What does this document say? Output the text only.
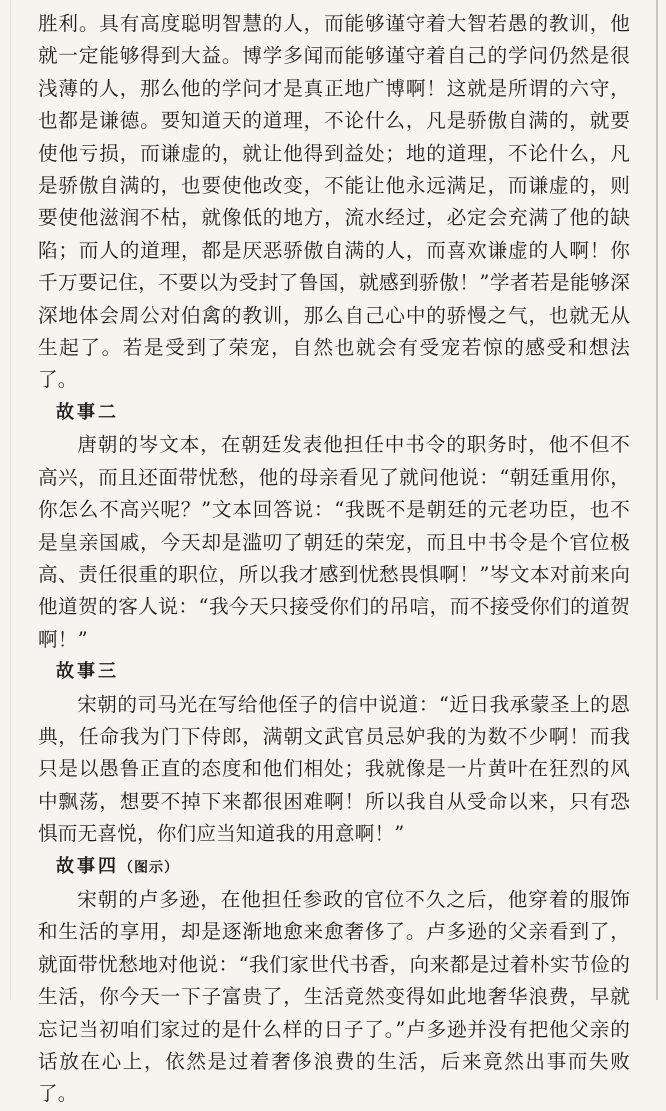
胜利。具有高度聪明智慧的人，而能够谨守着大智若愚的教训，他就一定能够得到大益。博学多闻而能够谨守着自己的学问仍然是很浅薄的人，那么他的学问才是真正地广博啊！这就是所谓的六守，也都是谦德。要知道天的道理，不论什么，凡是骄傲自满的，就要使他亏损，而谦虚的，就让他得到益处；地的道理，不论什么，凡是骄傲自满的，也要使他改变，不能让他永远满足，而谦虚的，则要使他滋润不枯，就像低的地方，流水经过，必定会充满了他的缺陷；而人的道理，都是厌恶骄傲自满的人，而喜欢谦虚的人啊！你千万要记住，不要以为受封了鲁国，就感到骄傲！”学者若是能够深深地体会周公对伯禽的教训，那么自己心中的骄慢之气，也就无从生起了。若是受到了荣宠，自然也就会有受宠若惊的感受和想法了。

故事二

唐朝的岑文本，在朝廷发表他担任中书令的职务时，他不但不高兴，而且还面带忧愁，他的母亲看见了就问他说：“朝廷重用你，你怎么不高兴呢？”文本回答说：“我既不是朝廷的元老功臣，也不是皇亲国戚，今天却是滥叨了朝廷的荣宠，而且中书令是个官位极高、责任很重的职位，所以我才感到忧愁畏惧啊！”岑文本对前来向他道贺的客人说：“我今天只接受你们的吊唁，而不接受你们的道贺啊！”

故事三

宋朝的司马光在写给他侄子的信中说道：“近日我承蒙圣上的恩典，任命我为门下侍郎，满朝文武官员忌妒我的为数不少啊！而我只是以愚鲁正直的态度和他们相处；我就像是一片黄叶在狂烈的风中飘荡，想要不掉下来都很困难啊！所以我自从受命以来，只有恐惧而无喜悦，你们应当知道我的用意啊！”

故事四（图示）

宋朝的卢多逊，在他担任参政的官位不久之后，他穿着的服饰和生活的享用，却是逐渐地愈来愈奢侈了。卢多逊的父亲看到了，就面带忧愁地对他说：“我们家世代书香，向来都是过着朴实节俭的生活，你今天一下子富贵了，生活竟然变得如此地奢华浪费，早就忘记当初咱们家过的是什么样的日子了。”卢多逊并没有把他父亲的话放在心上，依然是过着奢侈浪费的生活，后来竟然出事而失败了。
